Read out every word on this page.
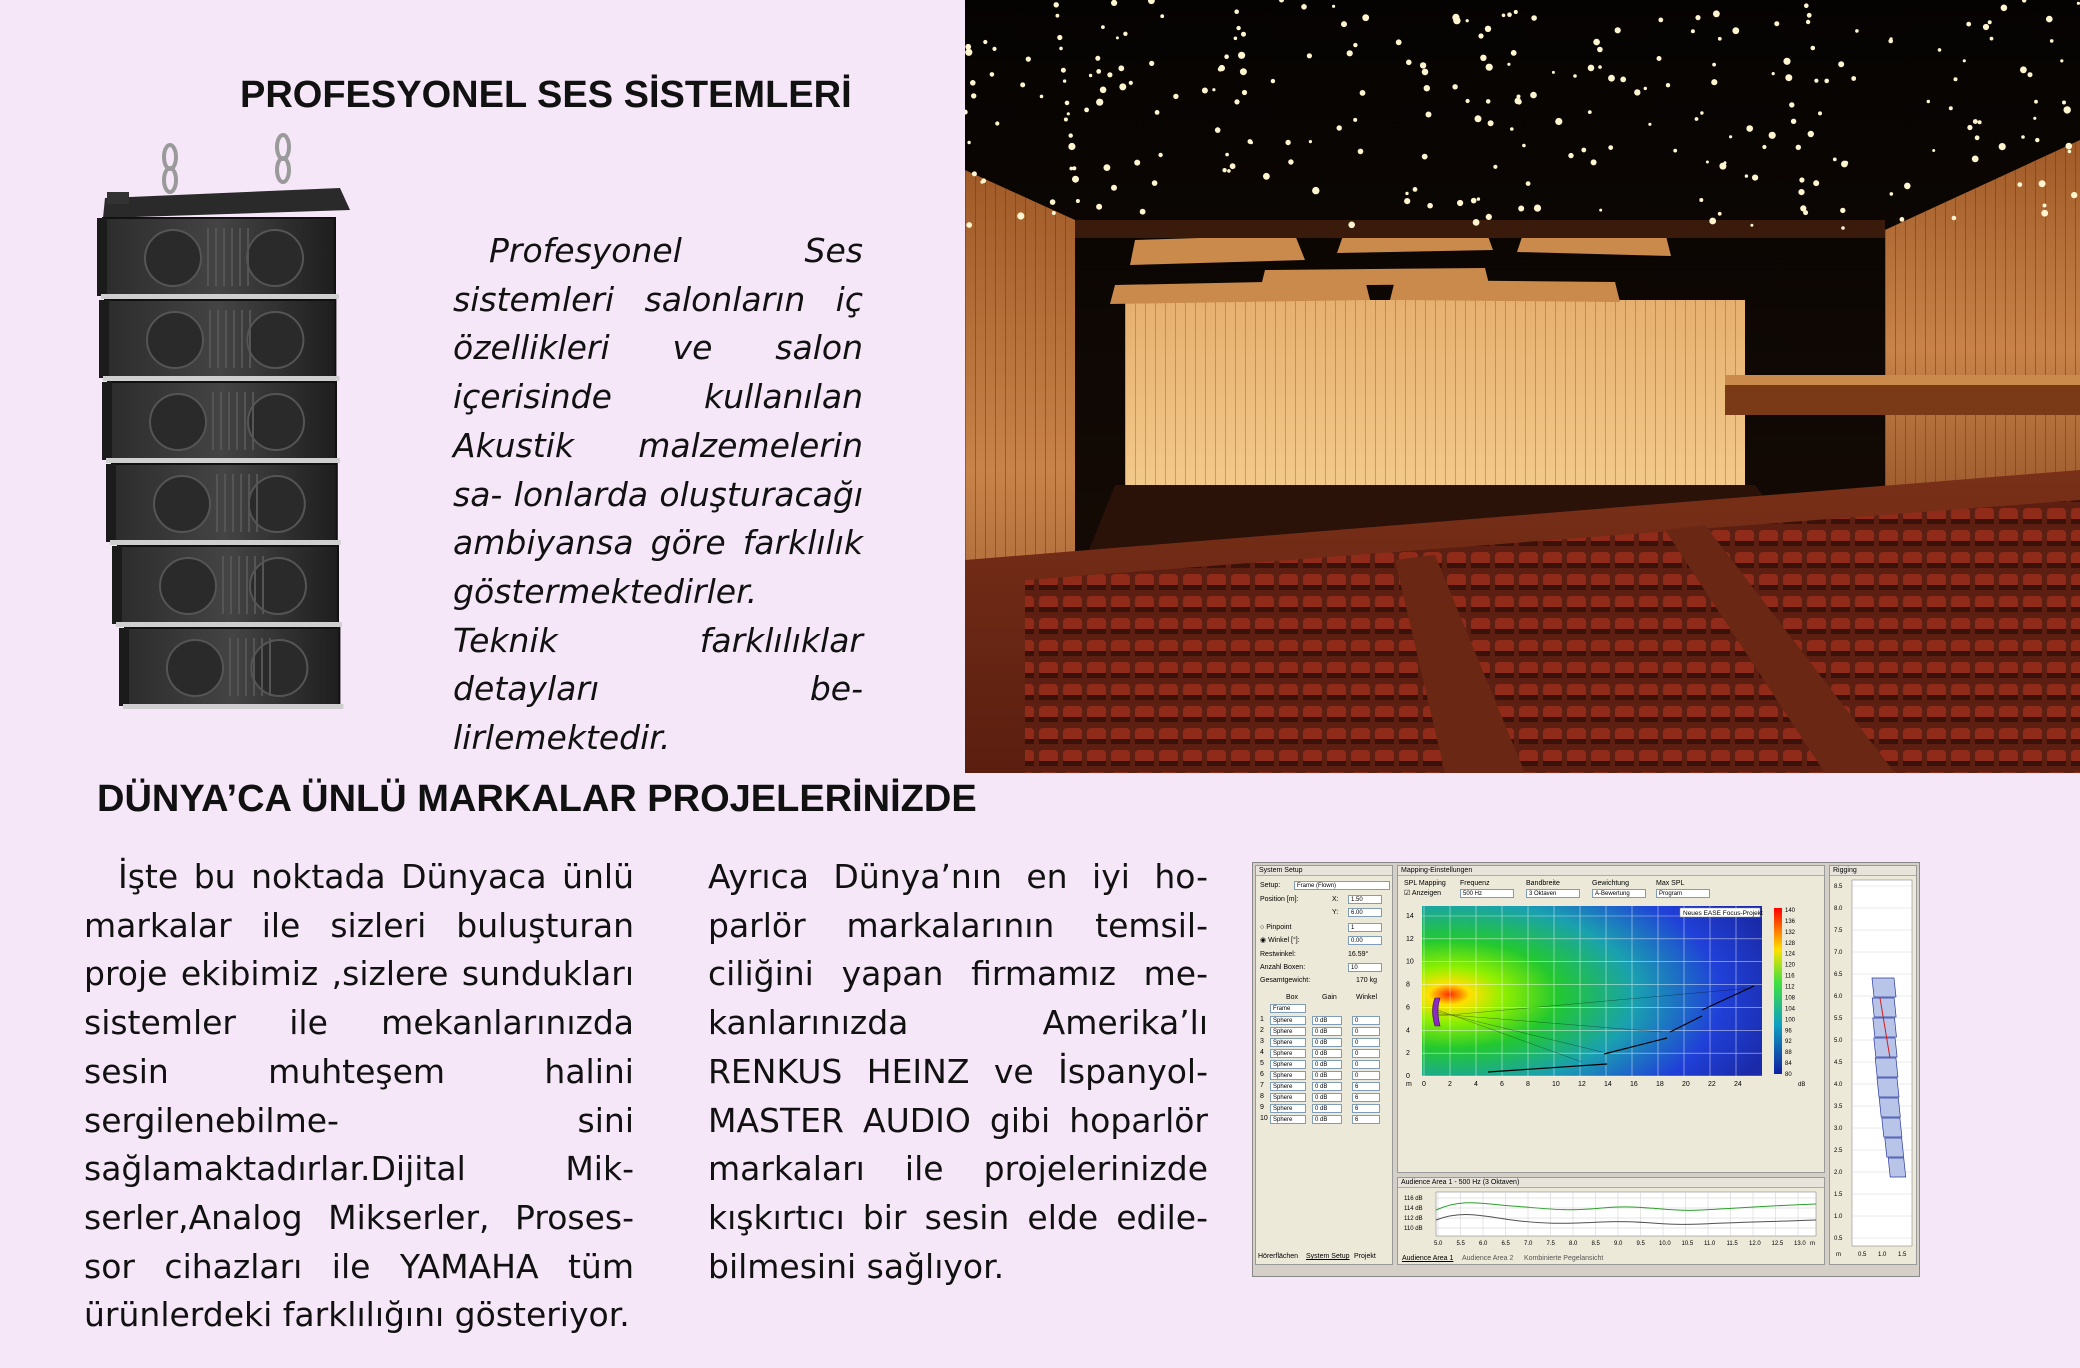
PROFESYONEL SES SİSTEMLERİ
Profesyonel Ses sistemleri salonların iç özellikleri ve salon içerisinde kullanılan Akustik malzemelerin sa- lonlarda oluşturacağı ambiyansa göre farklılık göstermektedirler. Teknik	farklılıklar detayları be- lirlemektedir.
DÜNYA’CA ÜNLÜ MARKALAR PROJELERİNİZDE
İşte bu noktada Dünyaca ünlü markalar ile sizleri buluşturan proje ekibimiz ,sizlere sundukları sistemler ile mekanlarınızda sesin	muhteşem halini sergilenebilme-	sini sağlamaktadırlar.Dijital Mik- serler,Analog Mikserler, Proses- sor cihazları ile YAMAHA tüm ürünlerdeki farklılığını gösteriyor.
Ayrıca Dünya’nın en iyi ho- parlör markalarının temsil- ciliğini yapan firmamız me- kanlarınızda Amerika’lı RENKUS HEINZ ve İspanyol- MASTER AUDIO gibi hoparlör markaları ile projelerinizde kışkırtıcı bir sesin elde edile- bilmesini sağlıyor.
System Setup
Setup:	Frame (Flown)
Position [m]:	X:	1.50
Y:	6.00
○ Pinpoint	1
◉ Winkel [°]:	0.00
Restwinkel:	16.59°
Anzahl Boxen:	10
Gesamtgewicht:	170 kg
Box	Gain	Winkel
Frame
1	Sphere	0 dB	0
2	Sphere	0 dB	0
3	Sphere	0 dB	0
4	Sphere	0 dB	0
5	Sphere	0 dB	0
6	Sphere	0 dB	0
7	Sphere	0 dB	6
8	Sphere	0 dB	6
9	Sphere	0 dB	6
10 Sphere	0 dB	6
Hörerflächen System Setup Projekt
Mapping-Einstellungen
SPL Mapping
☑ Anzeigen
Frequenz
500 Hz
Bandbreite
3 Oktaven
Gewichtung
A-Bewertung
Max SPL
Program
14
12
10
8
6
4
2
0
0	2	4	6	8	10	12	14	16	18	20	22	24
m
140
136
132
128
124
120
116
112
108
104
100
96
92
88
84
80
dB
Neues EASE Focus-Projekt
Audience Area 1 - 500 Hz (3 Oktaven)
116 dB
114 dB
112 dB
110 dB
5.0 5.5 6.0 6.5 7.0 7.5 8.0 8.5 9.0 9.5 10.0 10.5 11.0 11.5 12.0 12.5 13.0 m
Audience Area 1 Audience Area 2 Kombinierte Pegelansicht
Rigging
8.5
8.0
7.5
7.0
6.5
6.0
5.5
5.0
4.5
4.0
3.5
3.0
2.5
2.0
1.5
1.0
0.5
0.5 1.0 1.5
m
